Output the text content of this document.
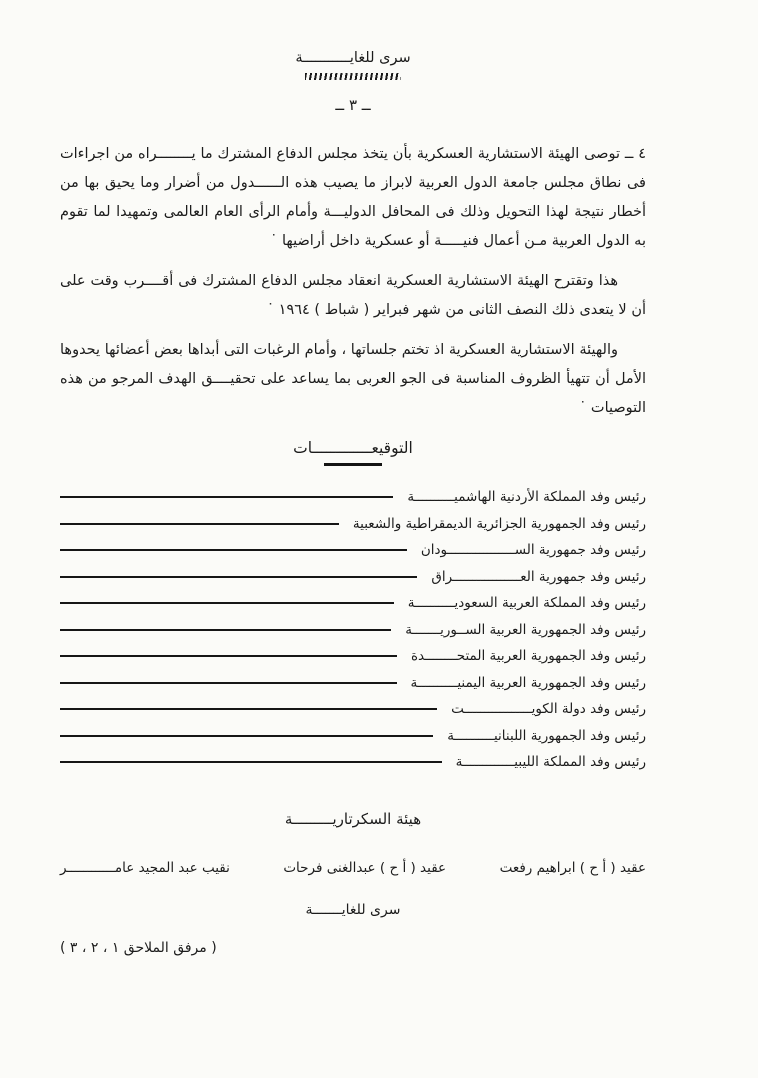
سرى للغايـــــــــــة
ــ ٣ ــ

٤ ــ توصى الهيئة الاستشارية العسكرية بأن يتخذ مجلس الدفاع المشترك ما يــــــــراه من اجراءات فى نطاق مجلس جامعة الدول العربية لابراز ما يصيب هذه الــــــدول من أضرار وما يحيق بها من أخطار نتيجة لهذا التحويل وذلك فى المحافل الدوليـــة وأمام الرأى العام العالمى وتمهيدا لما تقوم به الدول العربية مـن أعمال فنيـــــة أو عسكرية داخل أراضيها ˙

هذا وتقترح الهيئة الاستشارية العسكرية انعقاد مجلس الدفاع المشترك فى أقــــرب وقت على أن لا يتعدى ذلك النصف الثانى من شهر فبراير ( شباط ) ١٩٦٤ ˙

والهيئة الاستشارية العسكرية اذ تختم جلساتها ، وأمام الرغبات التى أبداها بعض أعضائها يحدوها الأمل أن تتهيأ الظروف المناسبة فى الجو العربى بما يساعد على تحقيــــق الهدف المرجو من هذه التوصيات ˙

التوقيعـــــــــــــات
رئيس وفد المملكة الأردنية الهاشميــــــــــة
رئيس وفد الجمهورية الجزائرية الديمقراطية والشعبية
رئيس وفد جمهورية الســـــــــــــــــودان
رئيس وفد جمهورية العـــــــــــــــــراق
رئيس وفد المملكة العربية السعوديــــــــــة
رئيس وفد الجمهورية العربية الســوريـــــــة
رئيس وفد الجمهورية العربية المتحــــــــدة
رئيس وفد الجمهورية العربية اليمنيــــــــــة
رئيس وفد دولة الكويـــــــــــــــــت
رئيس وفد الجمهورية اللبنانيــــــــــة
رئيس وفد المملكة الليبيـــــــــــــة
هيئة السكرتاريـــــــــة
عقيد ( أ ح ) ابراهيم رفعت
عقيد ( أ ح ) عبدالغنى فرحات
نقيب عبد المجيد عامــــــــــــر
سرى للغايـــــــة
( مرفق الملاحق ١ ، ٢ ، ٣ )
